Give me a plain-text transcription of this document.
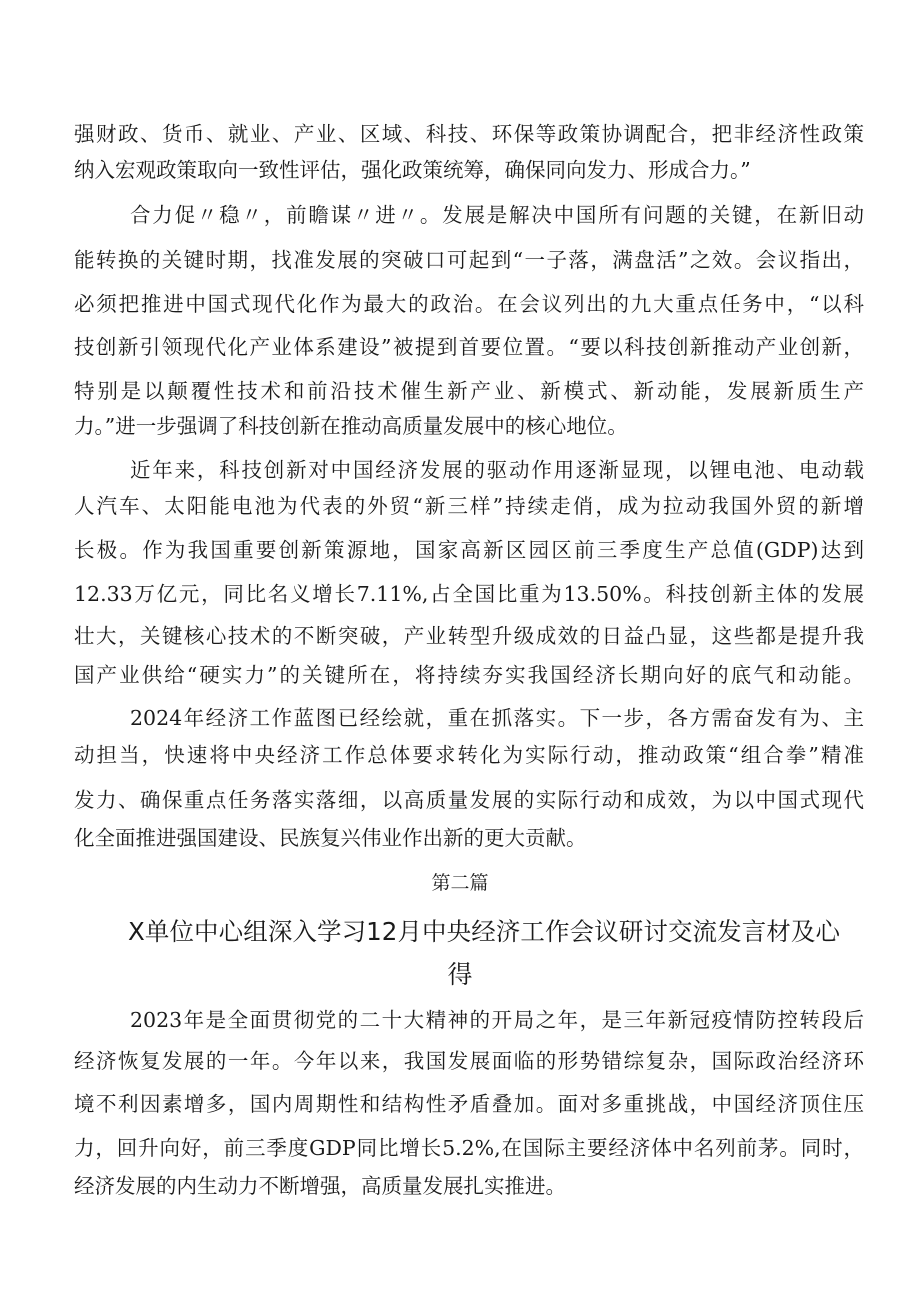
强财政、货币、就业、产业、区域、科技、环保等政策协调配合，把非经济性政策
纳入宏观政策取向一致性评估，强化政策统筹，确保同向发力、形成合力。”
合力促〃稳〃，前瞻谋〃进〃。发展是解决中国所有问题的关键，在新旧动
能转换的关键时期，找准发展的突破口可起到“一子落，满盘活”之效。会议指出，
必须把推进中国式现代化作为最大的政治。在会议列出的九大重点任务中，“以科
技创新引领现代化产业体系建设”被提到首要位置。“要以科技创新推动产业创新，
特别是以颠覆性技术和前沿技术催生新产业、新模式、新动能，发展新质生产
力。”进一步强调了科技创新在推动高质量发展中的核心地位。
近年来，科技创新对中国经济发展的驱动作用逐渐显现，以锂电池、电动载
人汽车、太阳能电池为代表的外贸“新三样”持续走俏，成为拉动我国外贸的新增
长极。作为我国重要创新策源地，国家高新区园区前三季度生产总值(GDP)达到
12.33万亿元，同比名义增长7.11%,占全国比重为13.50%。科技创新主体的发展
壮大，关键核心技术的不断突破，产业转型升级成效的日益凸显，这些都是提升我
国产业供给“硬实力”的关键所在，将持续夯实我国经济长期向好的底气和动能。
2024年经济工作蓝图已经绘就，重在抓落实。下一步，各方需奋发有为、主
动担当，快速将中央经济工作总体要求转化为实际行动，推动政策“组合拳”精准
发力、确保重点任务落实落细，以高质量发展的实际行动和成效，为以中国式现代
化全面推进强国建设、民族复兴伟业作出新的更大贡献。
第二篇
X单位中心组深入学习12月中央经济工作会议研讨交流发言材及心
得
2023年是全面贯彻党的二十大精神的开局之年，是三年新冠疫情防控转段后
经济恢复发展的一年。今年以来，我国发展面临的形势错综复杂，国际政治经济环
境不利因素增多，国内周期性和结构性矛盾叠加。面对多重挑战，中国经济顶住压
力，回升向好，前三季度GDP同比增长5.2%,在国际主要经济体中名列前茅。同时，
经济发展的内生动力不断增强，高质量发展扎实推进。
